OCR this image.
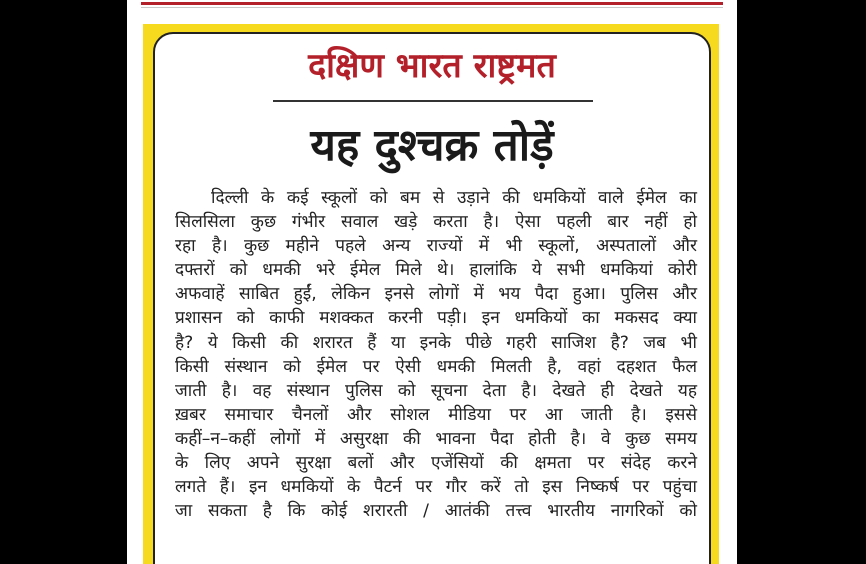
दक्षिण भारत राष्ट्रमत
यह दुश्चक्र तोड़ें
दिल्ली के कई स्कूलों को बम से उड़ाने की धमकियों वाले ईमेल का
सिलसिला कुछ गंभीर सवाल खड़े करता है। ऐसा पहली बार नहीं हो
रहा है। कुछ महीने पहले अन्य राज्यों में भी स्कूलों, अस्पतालों और
दफ्तरों को धमकी भरे ईमेल मिले थे। हालांकि ये सभी धमकियां कोरी
अफवाहें साबित हुईं, लेकिन इनसे लोगों में भय पैदा हुआ। पुलिस और
प्रशासन को काफी मशक्कत करनी पड़ी। इन धमकियों का मकसद क्या
है? ये किसी की शरारत हैं या इनके पीछे गहरी साजिश है? जब भी
किसी संस्थान को ईमेल पर ऐसी धमकी मिलती है, वहां दहशत फैल
जाती है। वह संस्थान पुलिस को सूचना देता है। देखते ही देखते यह
ख़बर समाचार चैनलों और सोशल मीडिया पर आ जाती है। इससे
कहीं–न–कहीं लोगों में असुरक्षा की भावना पैदा होती है। वे कुछ समय
के लिए अपने सुरक्षा बलों और एजेंसियों की क्षमता पर संदेह करने
लगते हैं। इन धमकियों के पैटर्न पर गौर करें तो इस निष्कर्ष पर पहुंचा
जा सकता है कि कोई शरारती / आतंकी तत्त्व भारतीय नागरिकों को
